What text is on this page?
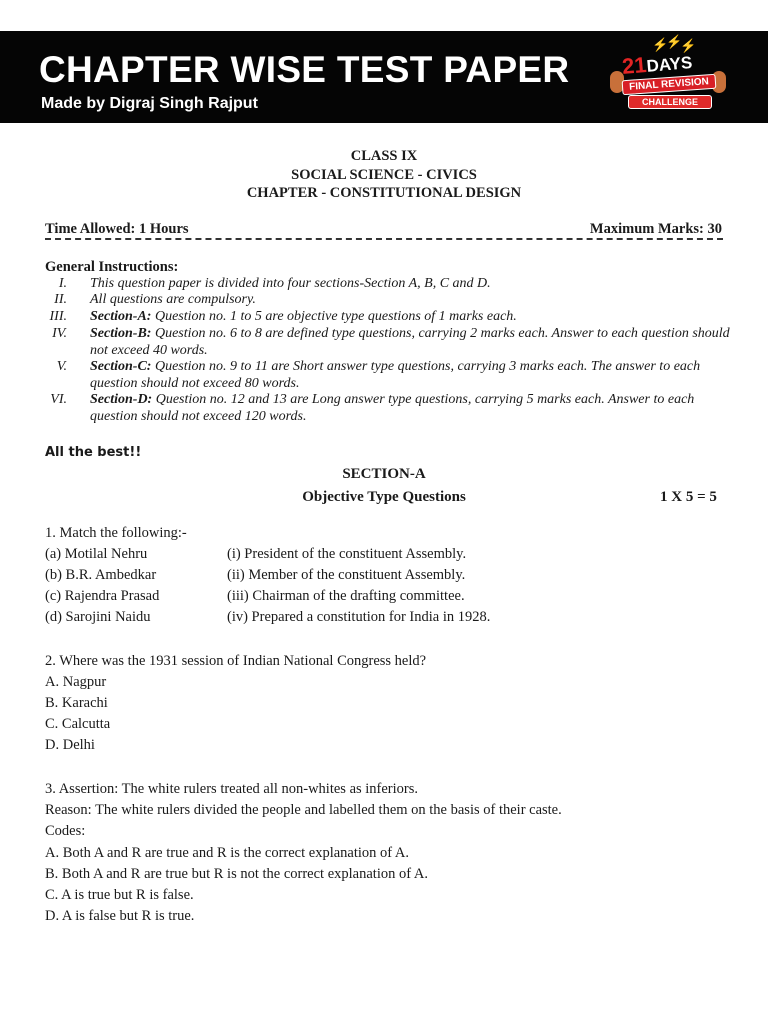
CHAPTER WISE TEST PAPER
Made by Digraj Singh Rajput
⚡
⚡
⚡
21DAYS
FINAL REVISION
CHALLENGE
CLASS IX
SOCIAL SCIENCE - CIVICS
CHAPTER - CONSTITUTIONAL DESIGN
Time Allowed: 1 Hours	Maximum Marks: 30
General Instructions:
I. This question paper is divided into four sections-Section A, B, C and D.
II. All questions are compulsory.
III. Section-A: Question no. 1 to 5 are objective type questions of 1 marks each.
IV. Section-B: Question no. 6 to 8 are defined type questions, carrying 2 marks each. Answer to each question should not exceed 40 words.
V. Section-C: Question no. 9 to 11 are Short answer type questions, carrying 3 marks each. The answer to each question should not exceed 80 words.
VI. Section-D: Question no. 12 and 13 are Long answer type questions, carrying 5 marks each. Answer to each question should not exceed 120 words.
All the best!!
SECTION-A
Objective Type Questions	1 X 5 = 5
1. Match the following:-
(a) Motilal Nehru	(i) President of the constituent Assembly.
(b) B.R. Ambedkar	(ii) Member of the constituent Assembly.
(c) Rajendra Prasad	(iii) Chairman of the drafting committee.
(d) Sarojini Naidu	(iv) Prepared a constitution for India in 1928.
2. Where was the 1931 session of Indian National Congress held?
A. Nagpur
B. Karachi
C. Calcutta
D. Delhi
3. Assertion: The white rulers treated all non-whites as inferiors.
Reason: The white rulers divided the people and labelled them on the basis of their caste.
Codes:
A. Both A and R are true and R is the correct explanation of A.
B. Both A and R are true but R is not the correct explanation of A.
C. A is true but R is false.
D. A is false but R is true.
